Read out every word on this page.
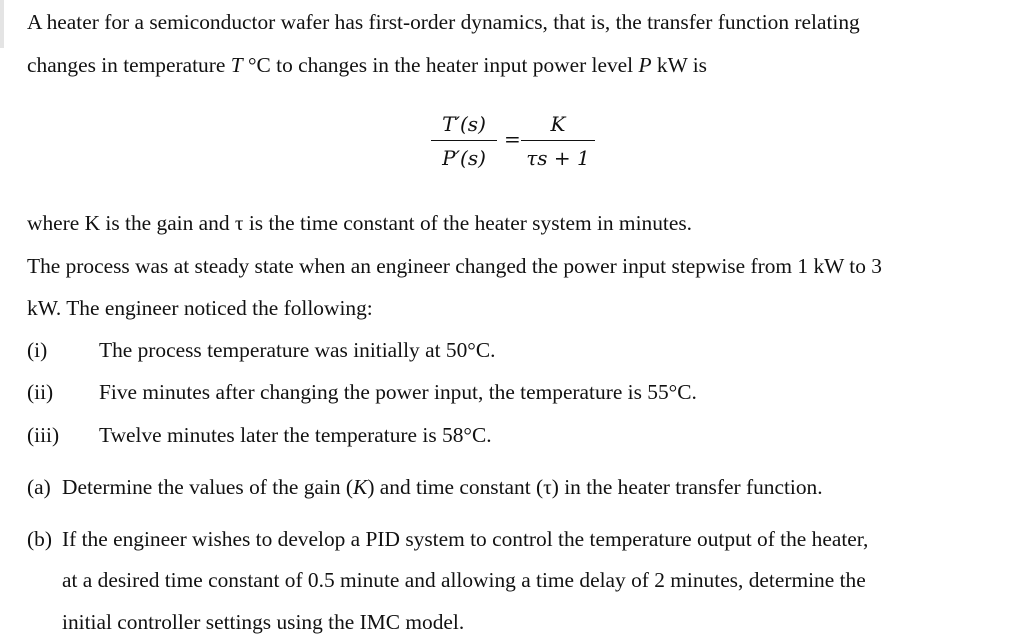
A heater for a semiconductor wafer has first-order dynamics, that is, the transfer function relating
changes in temperature T °C to changes in the heater input power level P kW is
T′(s)
P′(s)
=
K
τs + 1
where K is the gain and τ is the time constant of the heater system in minutes.
The process was at steady state when an engineer changed the power input stepwise from 1 kW to 3
kW. The engineer noticed the following:
(i) The process temperature was initially at 50°C.
(ii) Five minutes after changing the power input, the temperature is 55°C.
(iii) Twelve minutes later the temperature is 58°C.
(a) Determine the values of the gain (K) and time constant (τ) in the heater transfer function.
(b) If the engineer wishes to develop a PID system to control the temperature output of the heater,
at a desired time constant of 0.5 minute and allowing a time delay of 2 minutes, determine the
initial controller settings using the IMC model.
